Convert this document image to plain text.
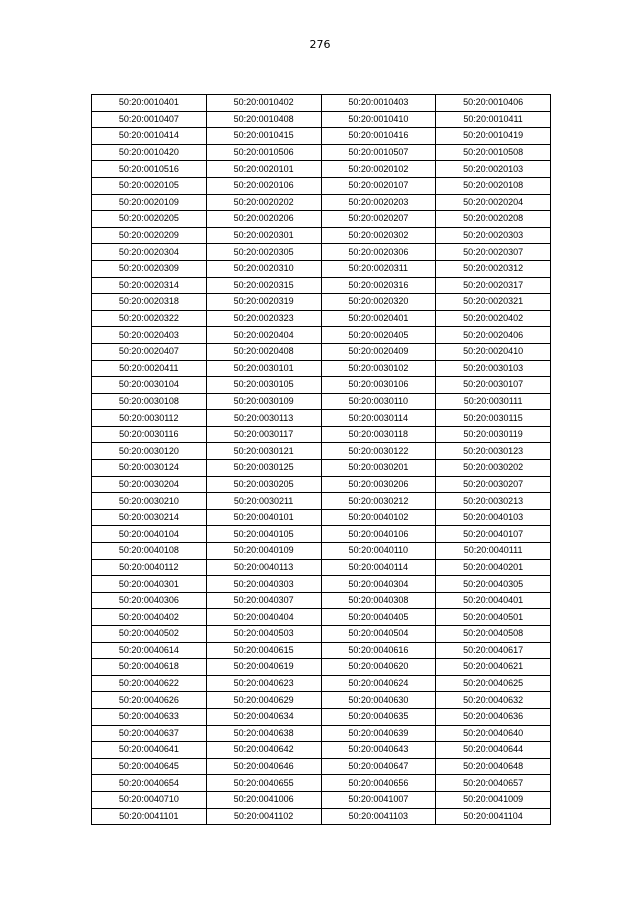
276
50:20:0010401	50:20:0010402	50:20:0010403	50:20:0010406
50:20:0010407	50:20:0010408	50:20:0010410	50:20:0010411
50:20:0010414	50:20:0010415	50:20:0010416	50:20:0010419
50:20:0010420	50:20:0010506	50:20:0010507	50:20:0010508
50:20:0010516	50:20:0020101	50:20:0020102	50:20:0020103
50:20:0020105	50:20:0020106	50:20:0020107	50:20:0020108
50:20:0020109	50:20:0020202	50:20:0020203	50:20:0020204
50:20:0020205	50:20:0020206	50:20:0020207	50:20:0020208
50:20:0020209	50:20:0020301	50:20:0020302	50:20:0020303
50:20:0020304	50:20:0020305	50:20:0020306	50:20:0020307
50:20:0020309	50:20:0020310	50:20:0020311	50:20:0020312
50:20:0020314	50:20:0020315	50:20:0020316	50:20:0020317
50:20:0020318	50:20:0020319	50:20:0020320	50:20:0020321
50:20:0020322	50:20:0020323	50:20:0020401	50:20:0020402
50:20:0020403	50:20:0020404	50:20:0020405	50:20:0020406
50:20:0020407	50:20:0020408	50:20:0020409	50:20:0020410
50:20:0020411	50:20:0030101	50:20:0030102	50:20:0030103
50:20:0030104	50:20:0030105	50:20:0030106	50:20:0030107
50:20:0030108	50:20:0030109	50:20:0030110	50:20:0030111
50:20:0030112	50:20:0030113	50:20:0030114	50:20:0030115
50:20:0030116	50:20:0030117	50:20:0030118	50:20:0030119
50:20:0030120	50:20:0030121	50:20:0030122	50:20:0030123
50:20:0030124	50:20:0030125	50:20:0030201	50:20:0030202
50:20:0030204	50:20:0030205	50:20:0030206	50:20:0030207
50:20:0030210	50:20:0030211	50:20:0030212	50:20:0030213
50:20:0030214	50:20:0040101	50:20:0040102	50:20:0040103
50:20:0040104	50:20:0040105	50:20:0040106	50:20:0040107
50:20:0040108	50:20:0040109	50:20:0040110	50:20:0040111
50:20:0040112	50:20:0040113	50:20:0040114	50:20:0040201
50:20:0040301	50:20:0040303	50:20:0040304	50:20:0040305
50:20:0040306	50:20:0040307	50:20:0040308	50:20:0040401
50:20:0040402	50:20:0040404	50:20:0040405	50:20:0040501
50:20:0040502	50:20:0040503	50:20:0040504	50:20:0040508
50:20:0040614	50:20:0040615	50:20:0040616	50:20:0040617
50:20:0040618	50:20:0040619	50:20:0040620	50:20:0040621
50:20:0040622	50:20:0040623	50:20:0040624	50:20:0040625
50:20:0040626	50:20:0040629	50:20:0040630	50:20:0040632
50:20:0040633	50:20:0040634	50:20:0040635	50:20:0040636
50:20:0040637	50:20:0040638	50:20:0040639	50:20:0040640
50:20:0040641	50:20:0040642	50:20:0040643	50:20:0040644
50:20:0040645	50:20:0040646	50:20:0040647	50:20:0040648
50:20:0040654	50:20:0040655	50:20:0040656	50:20:0040657
50:20:0040710	50:20:0041006	50:20:0041007	50:20:0041009
50:20:0041101	50:20:0041102	50:20:0041103	50:20:0041104
